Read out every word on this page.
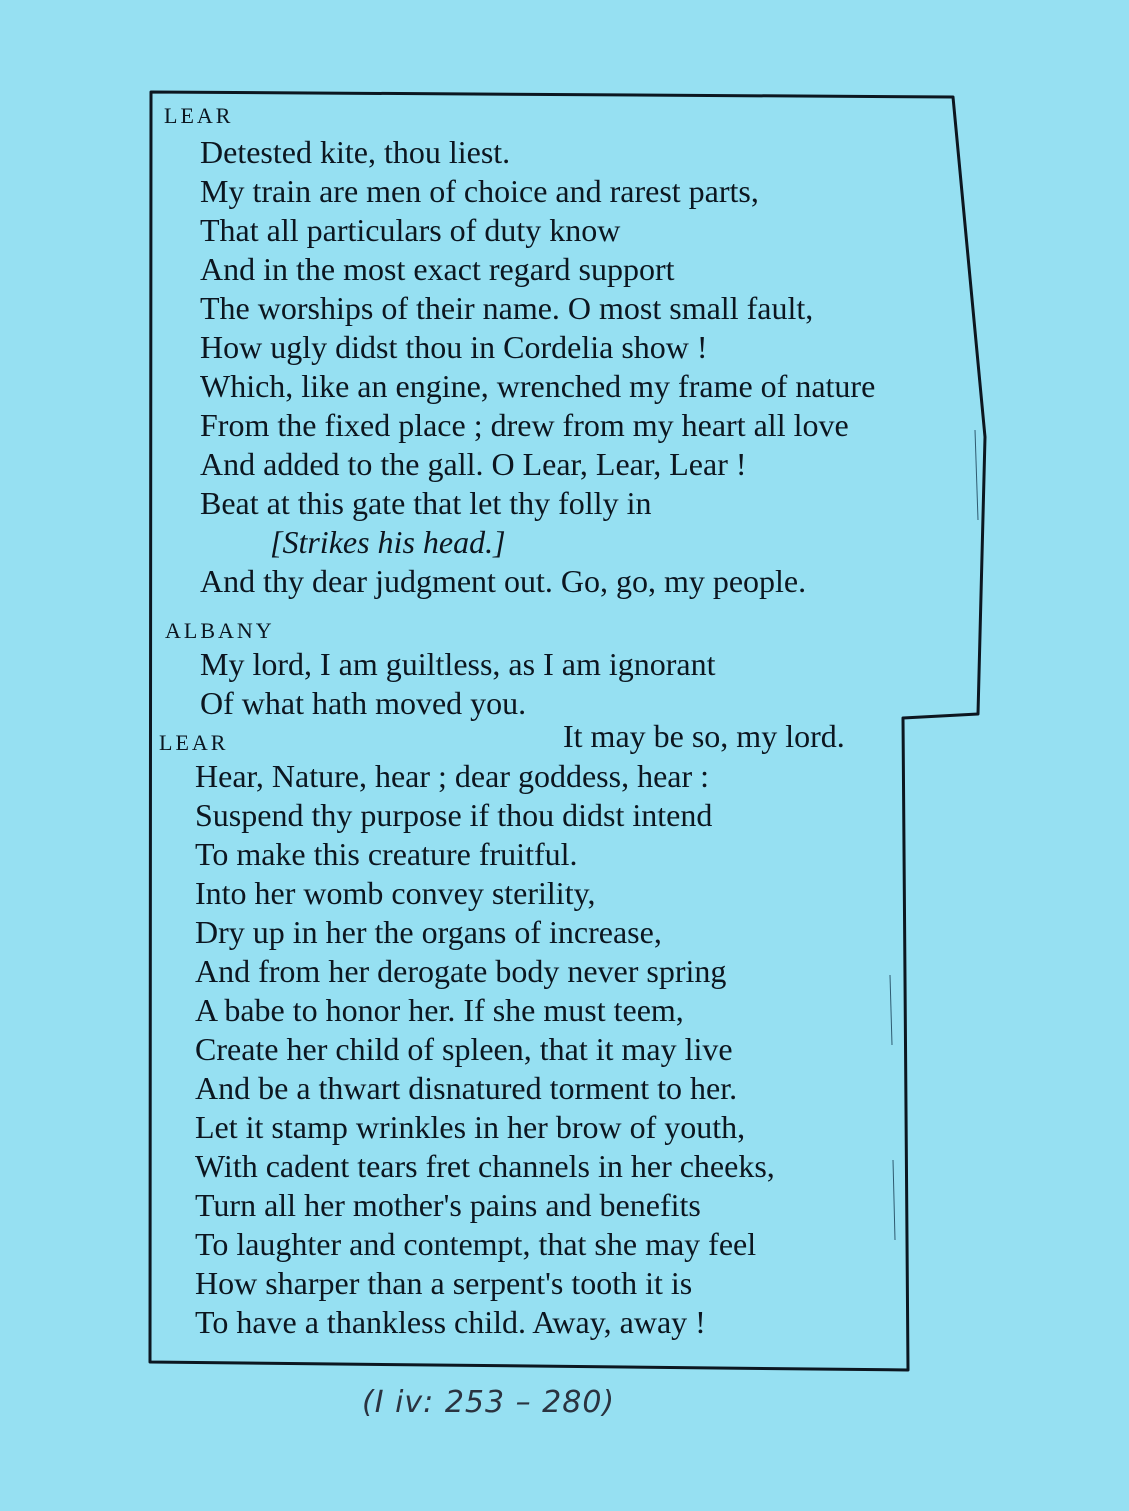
LEAR
Detested kite, thou liest.
My train are men of choice and rarest parts,
That all particulars of duty know
And in the most exact regard support
The worships of their name. O most small fault,
How ugly didst thou in Cordelia show !
Which, like an engine, wrenched my frame of nature
From the fixed place ; drew from my heart all love
And added to the gall. O Lear, Lear, Lear !
Beat at this gate that let thy folly in
[Strikes his head.]
And thy dear judgment out. Go, go, my people.
ALBANY
My lord, I am guiltless, as I am ignorant
Of what hath moved you.
LEAR	It may be so, my lord.
Hear, Nature, hear ; dear goddess, hear :
Suspend thy purpose if thou didst intend
To make this creature fruitful.
Into her womb convey sterility,
Dry up in her the organs of increase,
And from her derogate body never spring
A babe to honor her. If she must teem,
Create her child of spleen, that it may live
And be a thwart disnatured torment to her.
Let it stamp wrinkles in her brow of youth,
With cadent tears fret channels in her cheeks,
Turn all her mother's pains and benefits
To laughter and contempt, that she may feel
How sharper than a serpent's tooth it is
To have a thankless child. Away, away !
(I iv: 253 – 280)
